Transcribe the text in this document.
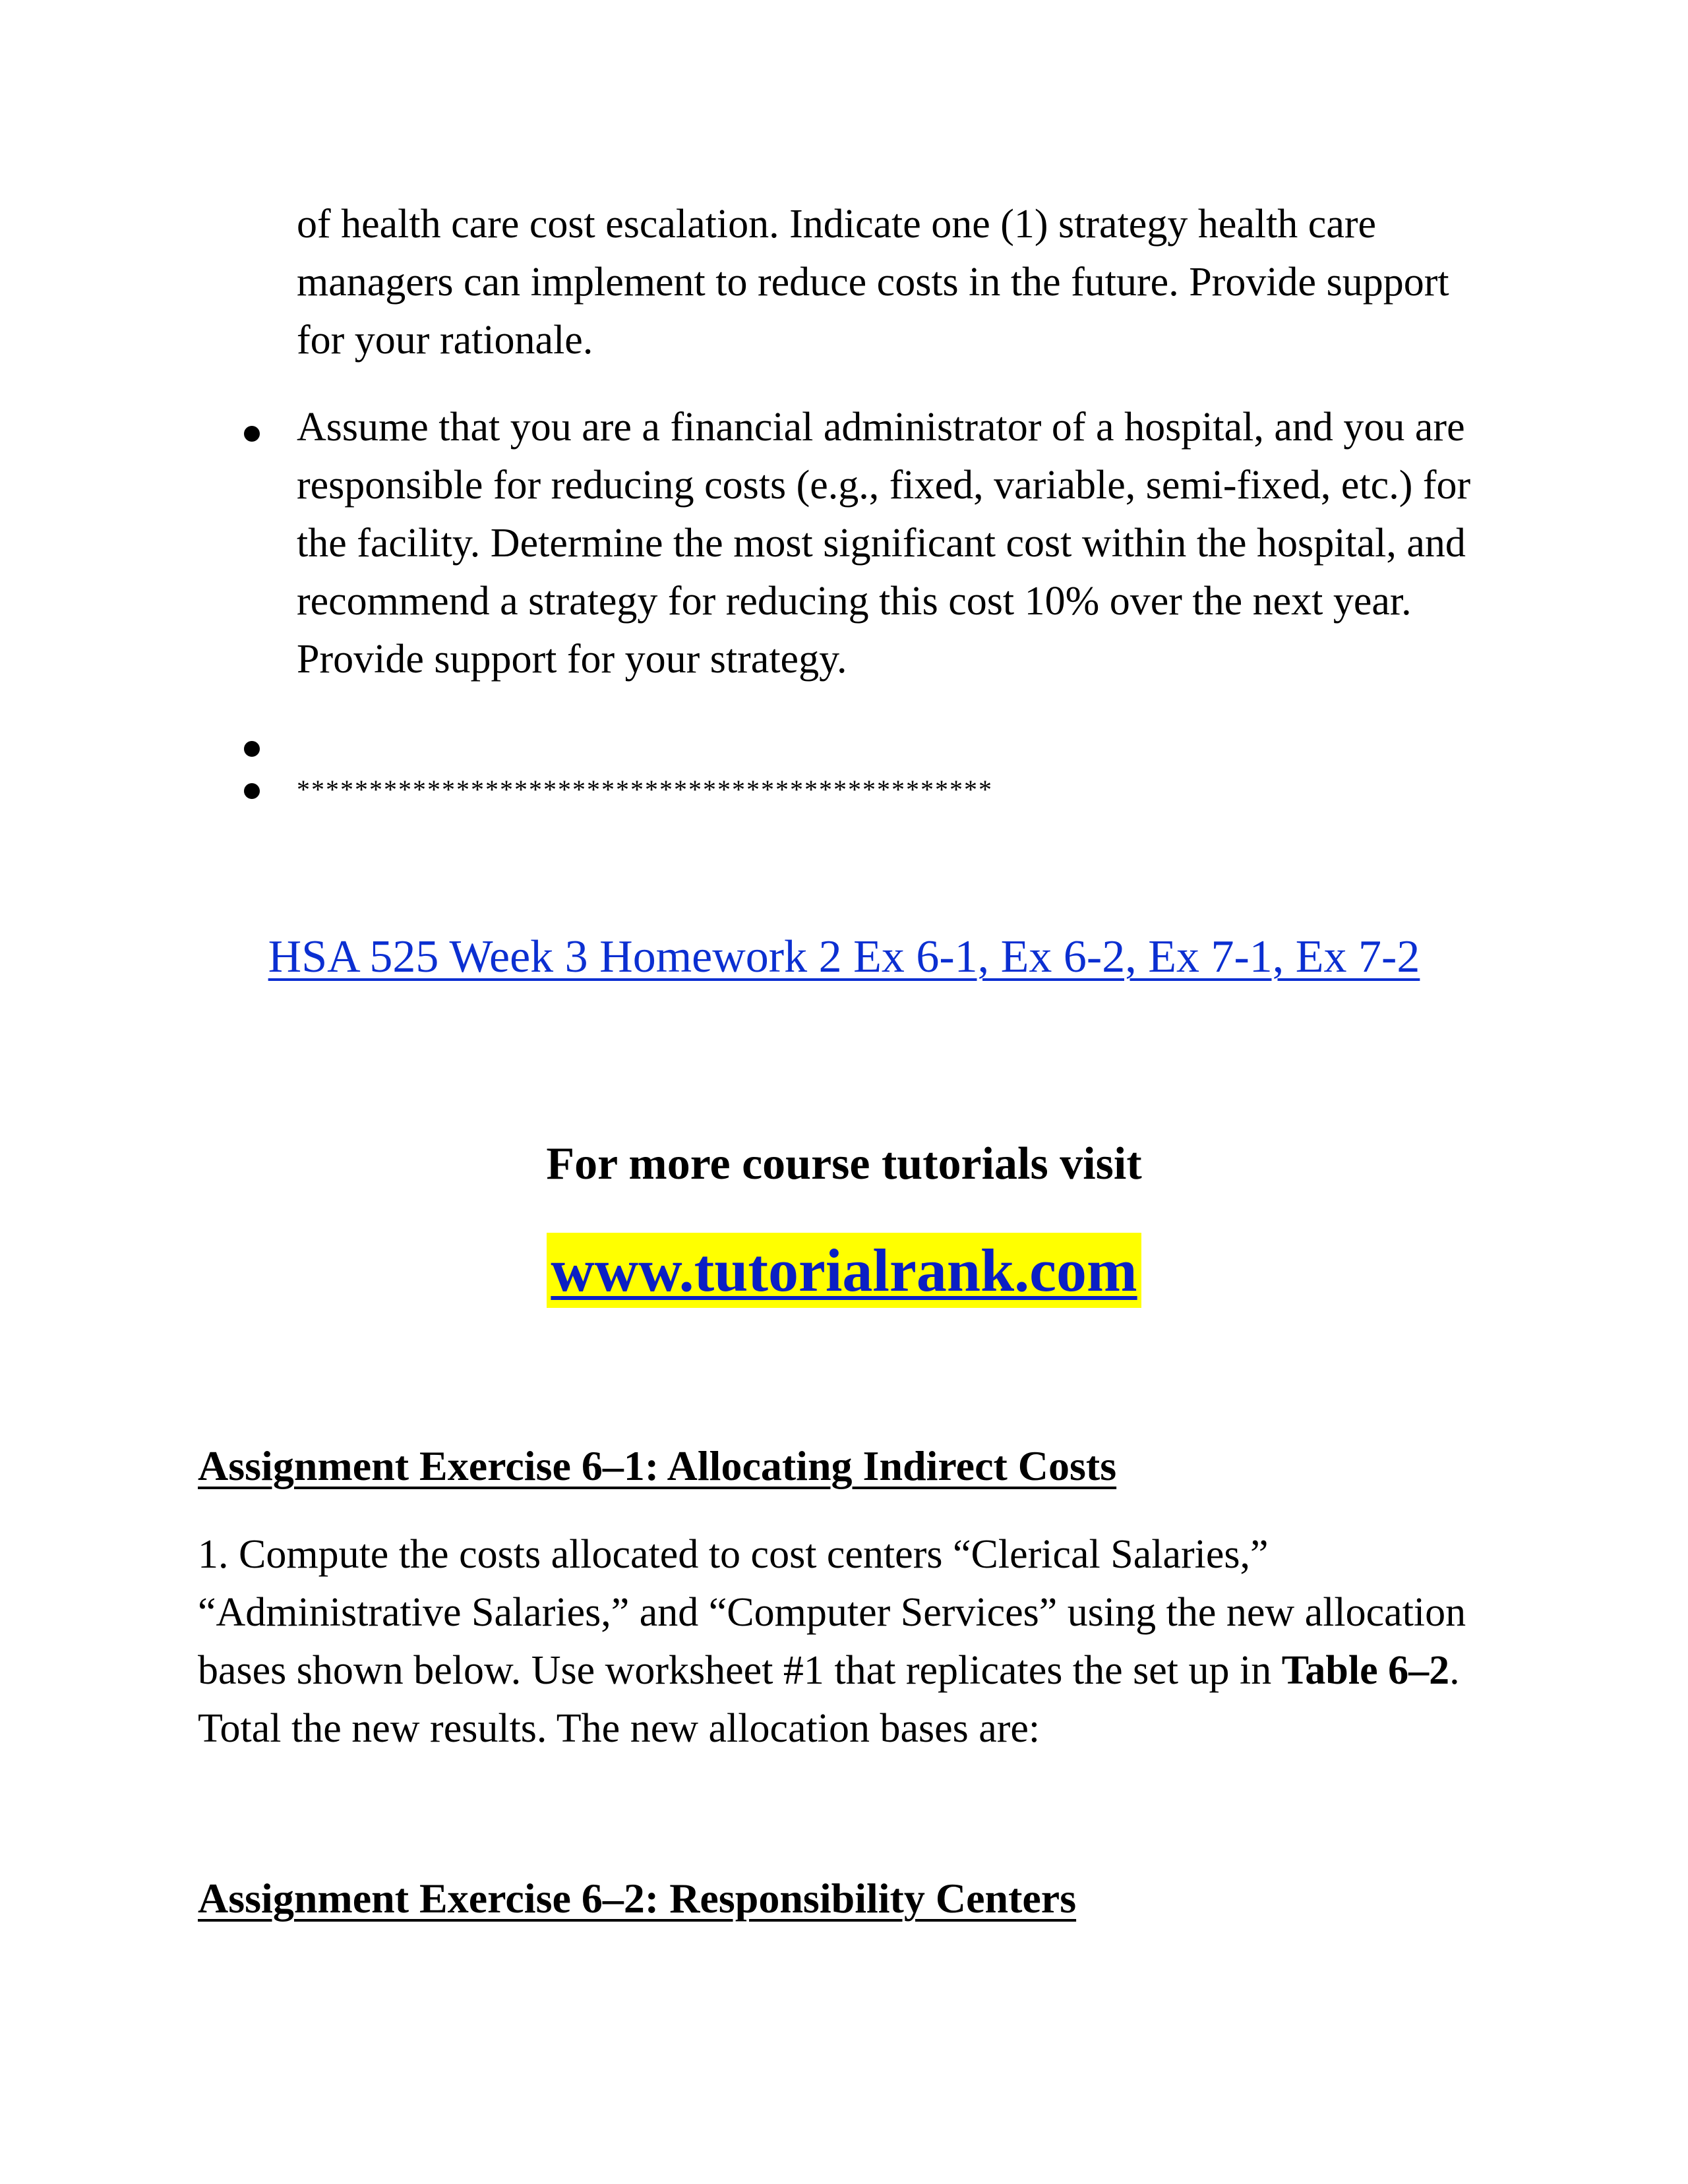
of health care cost escalation. Indicate one (1) strategy health care managers can implement to reduce costs in the future. Provide support for your rationale.

Assume that you are a financial administrator of a hospital, and you are responsible for reducing costs (e.g., fixed, variable, semi-fixed, etc.) for the facility. Determine the most significant cost within the hospital, and recommend a strategy for reducing this cost 10% over the next year. Provide support for your strategy.

************************************************
HSA 525 Week 3 Homework 2 Ex 6-1, Ex 6-2, Ex 7-1, Ex 7-2
For more course tutorials visit
www.tutorialrank.com
Assignment Exercise 6–1: Allocating Indirect Costs

1. Compute the costs allocated to cost centers “Clerical Salaries,” “Administrative Salaries,” and “Computer Services” using the new allocation bases shown below. Use worksheet #1 that replicates the set up in Table 6–2. Total the new results. The new allocation bases are:

Assignment Exercise 6–2: Responsibility Centers
